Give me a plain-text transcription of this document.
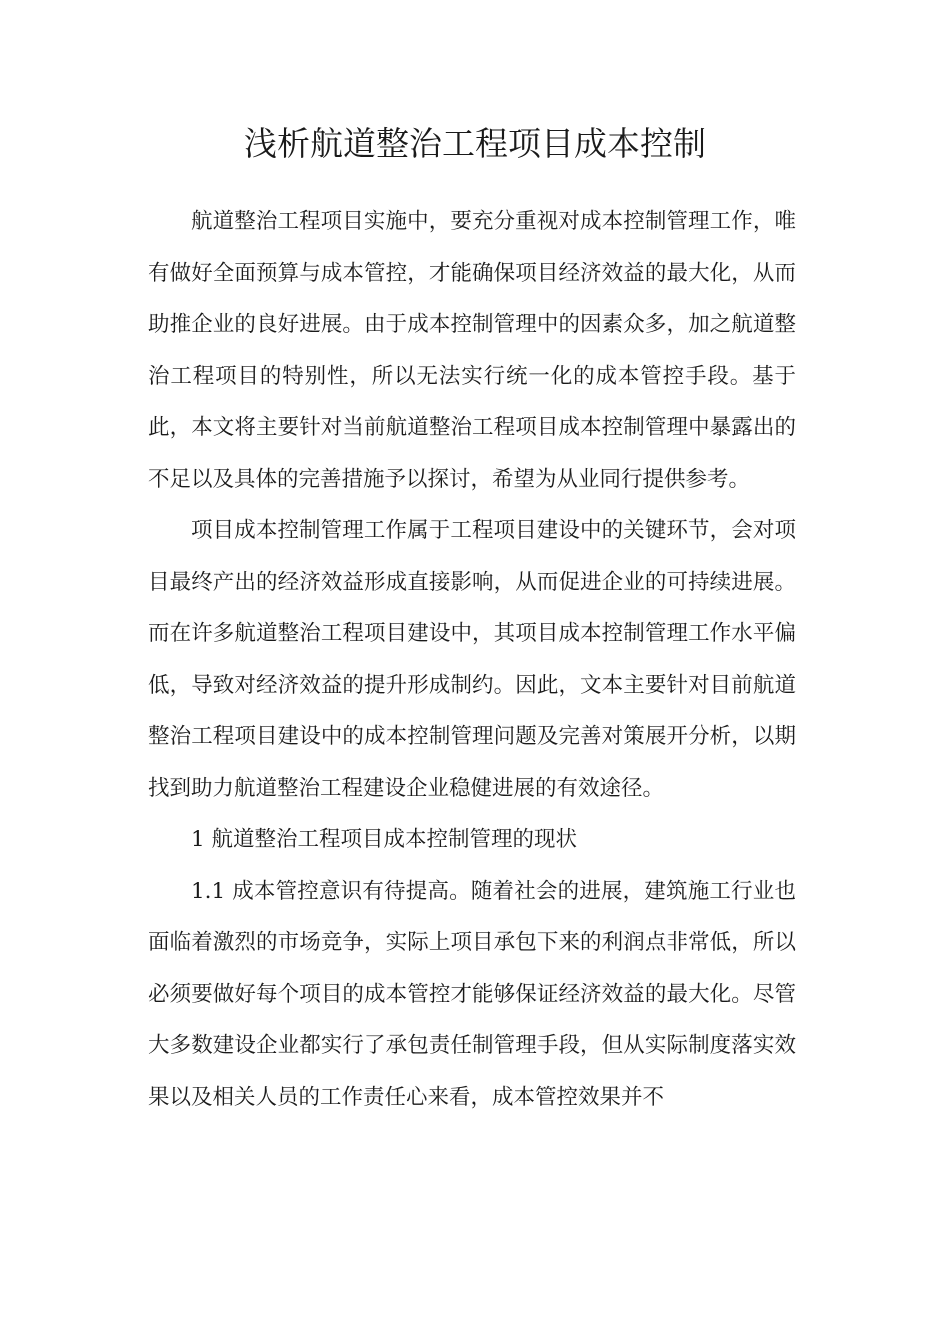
浅析航道整治工程项目成本控制

航道整治工程项目实施中，要充分重视对成本控制管理工作，唯有做好全面预算与成本管控，才能确保项目经济效益的最大化，从而助推企业的良好进展。由于成本控制管理中的因素众多，加之航道整治工程项目的特别性，所以无法实行统一化的成本管控手段。基于此，本文将主要针对当前航道整治工程项目成本控制管理中暴露出的不足以及具体的完善措施予以探讨，希望为从业同行提供参考。

项目成本控制管理工作属于工程项目建设中的关键环节，会对项目最终产出的经济效益形成直接影响，从而促进企业的可持续进展。而在许多航道整治工程项目建设中，其项目成本控制管理工作水平偏低，导致对经济效益的提升形成制约。因此，文本主要针对目前航道整治工程项目建设中的成本控制管理问题及完善对策展开分析，以期找到助力航道整治工程建设企业稳健进展的有效途径。

1 航道整治工程项目成本控制管理的现状

1.1 成本管控意识有待提高。随着社会的进展，建筑施工行业也面临着激烈的市场竞争，实际上项目承包下来的利润点非常低，所以必须要做好每个项目的成本管控才能够保证经济效益的最大化。尽管大多数建设企业都实行了承包责任制管理手段，但从实际制度落实效果以及相关人员的工作责任心来看，成本管控效果并不
